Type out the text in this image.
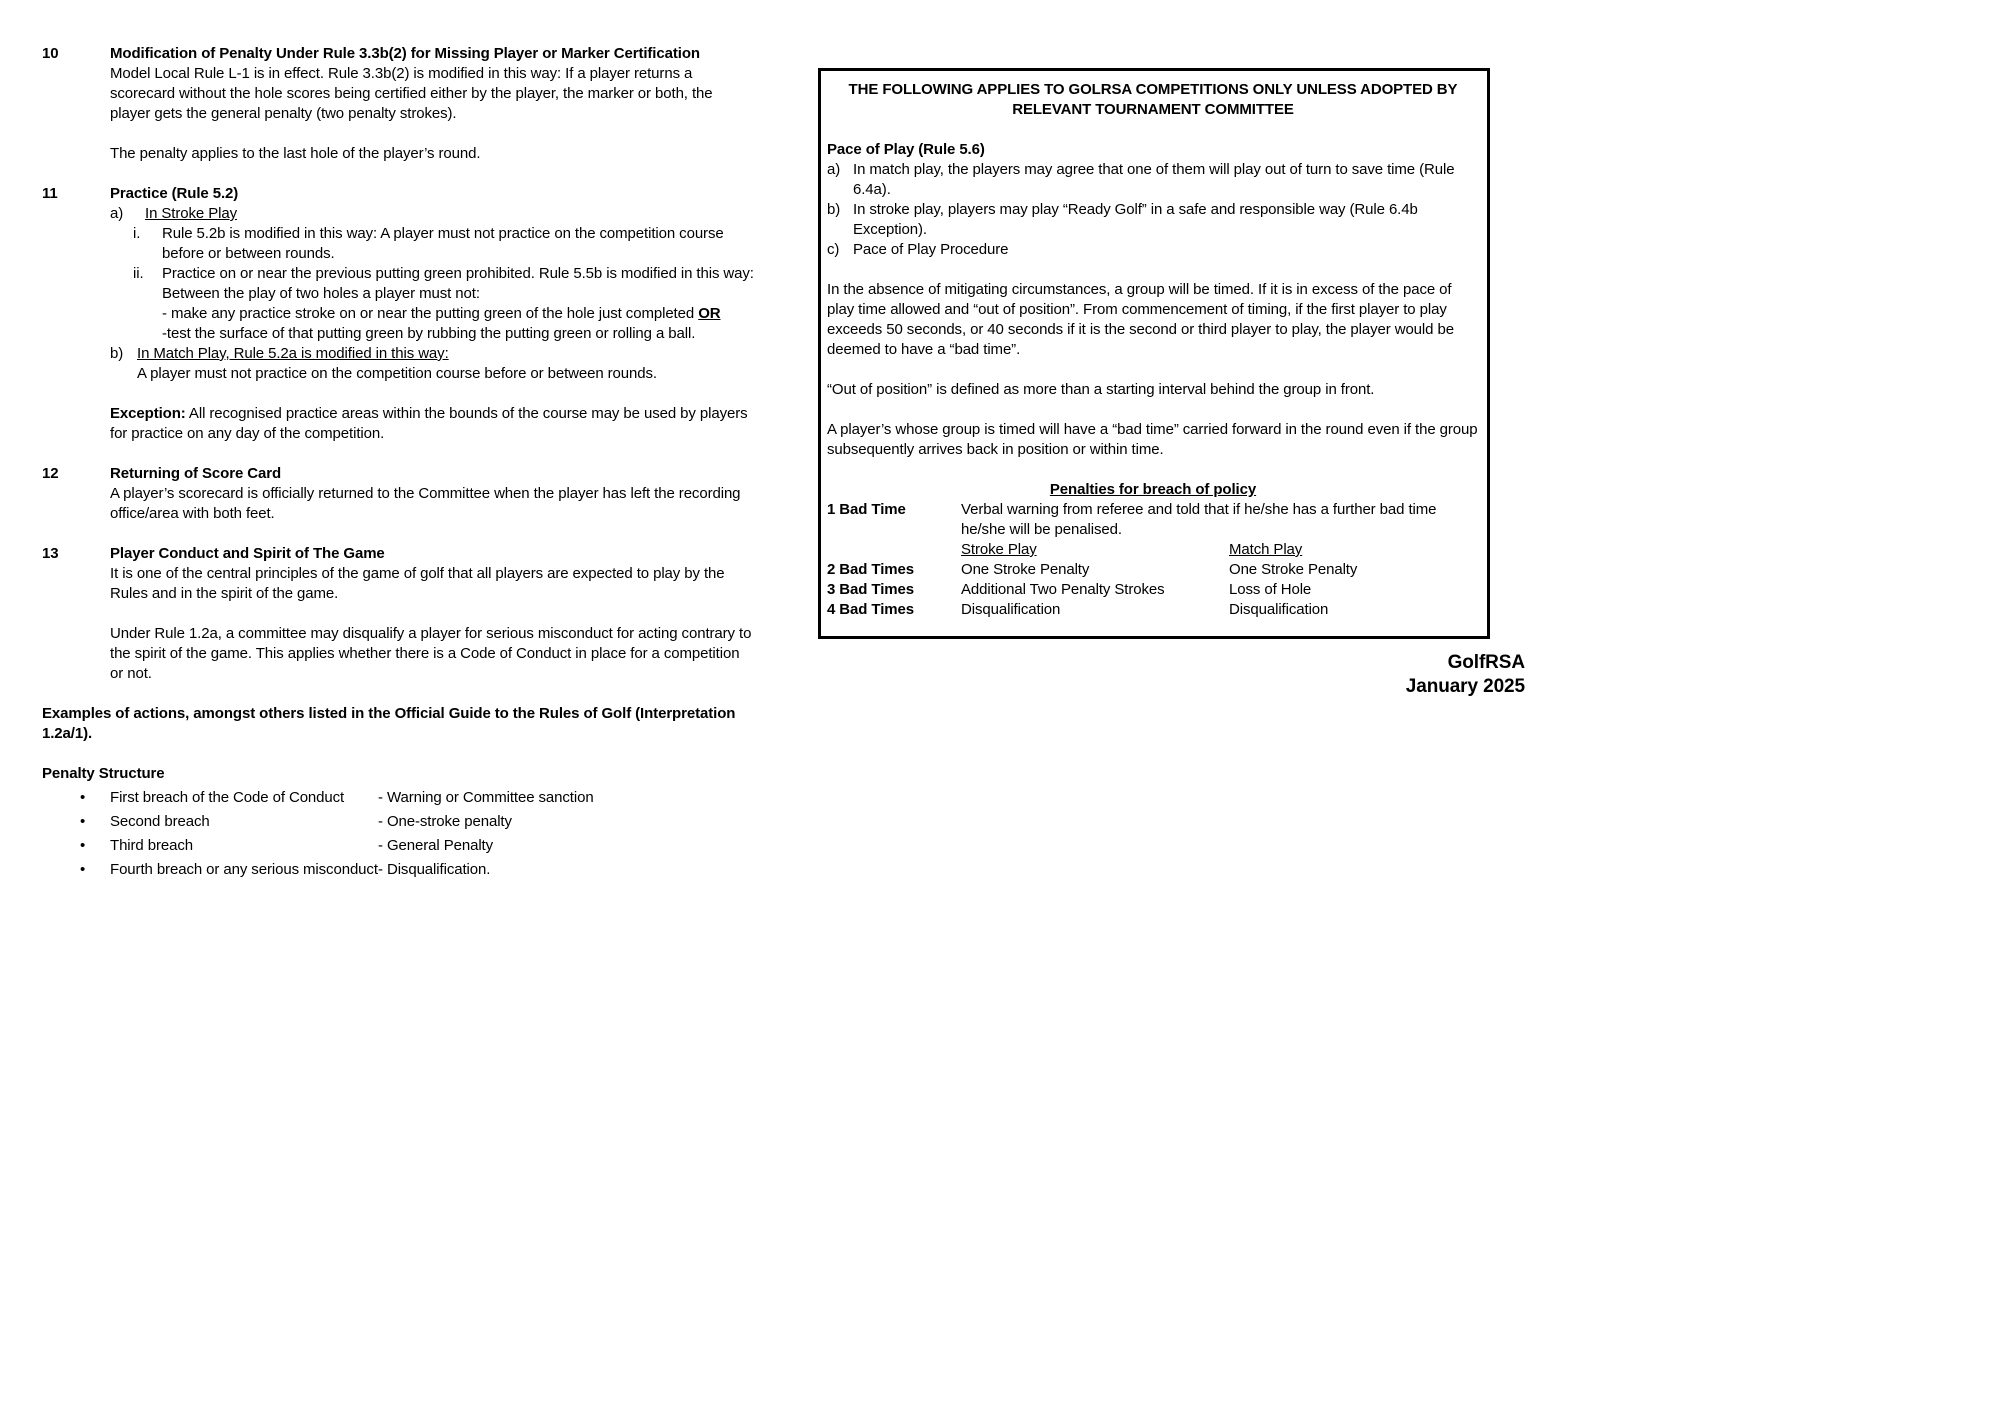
10	Modification of Penalty Under Rule 3.3b(2) for Missing Player or Marker Certification
Model Local Rule L-1 is in effect. Rule 3.3b(2) is modified in this way: If a player returns a scorecard without the hole scores being certified either by the player, the marker or both, the player gets the general penalty (two penalty strokes).
The penalty applies to the last hole of the player’s round.
11	Practice (Rule 5.2)
a)	In Stroke Play
i.	Rule 5.2b is modified in this way: A player must not practice on the competition course before or between rounds.
ii.	Practice on or near the previous putting green prohibited. Rule 5.5b is modified in this way: Between the play of two holes a player must not:
- make any practice stroke on or near the putting green of the hole just completed OR
-test the surface of that putting green by rubbing the putting green or rolling a ball.
b) In Match Play, Rule 5.2a is modified in this way:
A player must not practice on the competition course before or between rounds.
Exception: All recognised practice areas within the bounds of the course may be used by players for practice on any day of the competition.
12	Returning of Score Card
A player’s scorecard is officially returned to the Committee when the player has left the recording office/area with both feet.
13	Player Conduct and Spirit of The Game
It is one of the central principles of the game of golf that all players are expected to play by the Rules and in the spirit of the game.
Under Rule 1.2a, a committee may disqualify a player for serious misconduct for acting contrary to the spirit of the game. This applies whether there is a Code of Conduct in place for a competition or not.
Examples of actions, amongst others listed in the Official Guide to the Rules of Golf (Interpretation 1.2a/1).
Penalty Structure
•	First breach of the Code of Conduct	- Warning or Committee sanction
•	Second breach	- One-stroke penalty
•	Third breach	- General Penalty
•	Fourth breach or any serious misconduct - Disqualification.
THE FOLLOWING APPLIES TO GOLRSA COMPETITIONS ONLY UNLESS ADOPTED BY RELEVANT TOURNAMENT COMMITTEE
Pace of Play (Rule 5.6)
a) In match play, the players may agree that one of them will play out of turn to save time (Rule 6.4a).
b) In stroke play, players may play “Ready Golf” in a safe and responsible way (Rule 6.4b Exception).
c) Pace of Play Procedure
In the absence of mitigating circumstances, a group will be timed. If it is in excess of the pace of play time allowed and “out of position”. From commencement of timing, if the first player to play exceeds 50 seconds, or 40 seconds if it is the second or third player to play, the player would be deemed to have a “bad time”.
“Out of position” is defined as more than a starting interval behind the group in front.
A player’s whose group is timed will have a “bad time” carried forward in the round even if the group subsequently arrives back in position or within time.
Penalties for breach of policy
1 Bad Time	Verbal warning from referee and told that if he/she has a further bad time he/she will be penalised.
Stroke Play	Match Play
2 Bad Times	One Stroke Penalty	One Stroke Penalty
3 Bad Times	Additional Two Penalty Strokes	Loss of Hole
4 Bad Times	Disqualification	Disqualification
GolfRSA
January 2025
